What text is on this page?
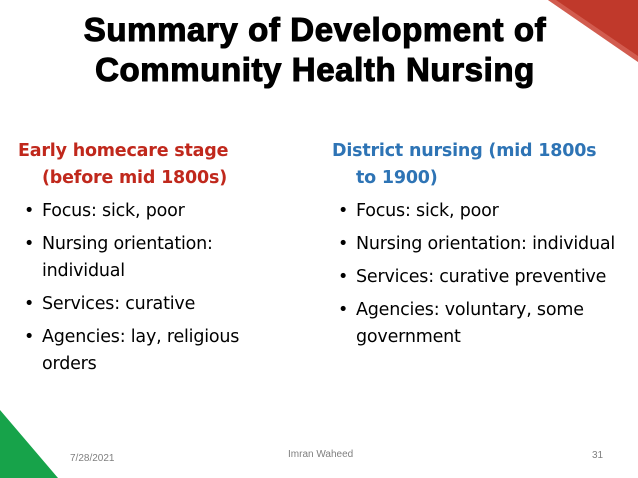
Summary of Development of
Community Health Nursing
Early homecare stage (before mid 1800s)
• Focus: sick, poor
• Nursing orientation: individual
• Services: curative
• Agencies: lay, religious orders
District nursing (mid 1800s to 1900)
• Focus: sick, poor
• Nursing orientation: individual
• Services: curative preventive
• Agencies: voluntary, some government
7/28/2021	Imran Waheed	31
